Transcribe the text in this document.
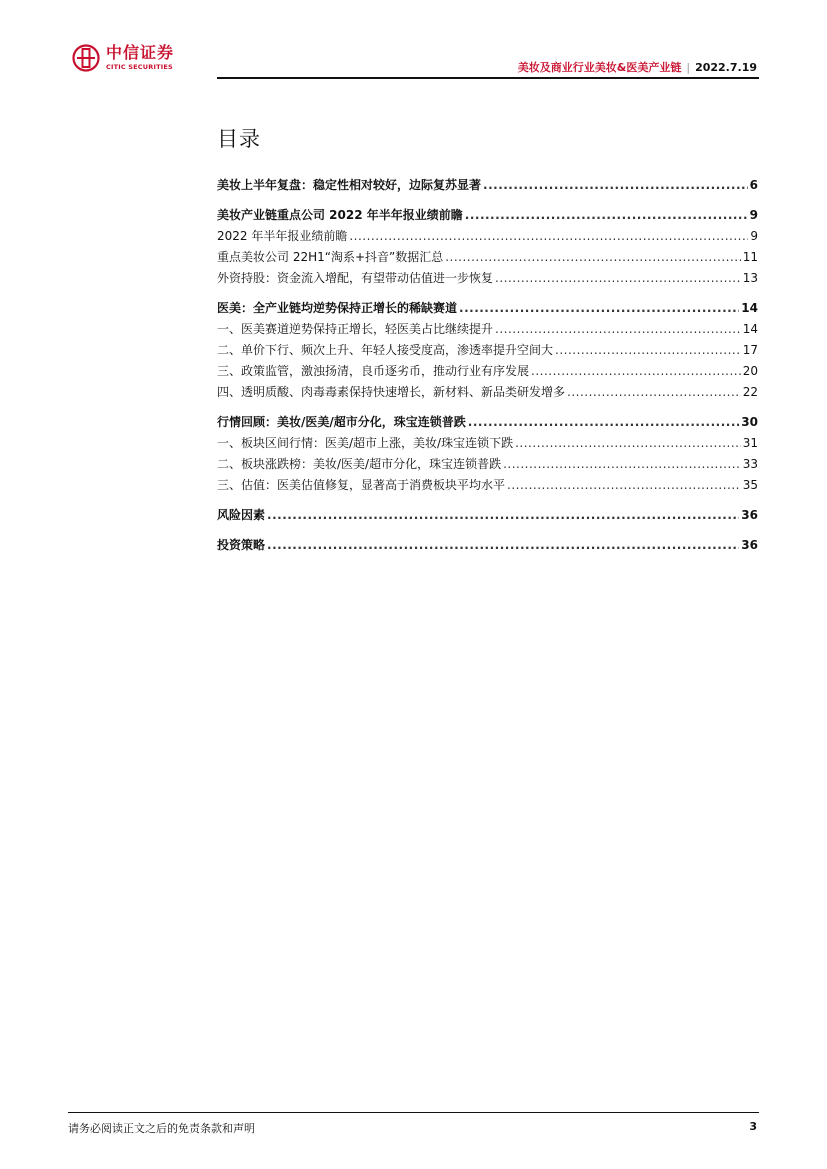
中信证券
CITIC SECURITIES	美妆及商业行业美妆&医美产业链 | 2022.7.19
目录
美妆上半年复盘：稳定性相对较好，边际复苏显著 .....	6
美妆产业链重点公司 2022 年半年报业绩前瞻 .....	9
2022 年半年报业绩前瞻 .....	9
重点美妆公司 22H1“淘系+抖音”数据汇总 .....	11
外资持股：资金流入增配，有望带动估值进一步恢复 .....	13
医美：全产业链均逆势保持正增长的稀缺赛道 .....	14
一、医美赛道逆势保持正增长，轻医美占比继续提升 .....	14
二、单价下行、频次上升、年轻人接受度高，渗透率提升空间大 .....	17
三、政策监管，激浊扬清，良币逐劣币，推动行业有序发展 .....	20
四、透明质酸、肉毒毒素保持快速增长，新材料、新品类研发增多 .....	22
行情回顾：美妆/医美/超市分化，珠宝连锁普跌 .....	30
一、板块区间行情：医美/超市上涨，美妆/珠宝连锁下跌 .....	31
二、板块涨跌榜：美妆/医美/超市分化，珠宝连锁普跌 .....	33
三、估值：医美估值修复，显著高于消费板块平均水平 .....	35
风险因素 .....	36
投资策略 .....	36
请务必阅读正文之后的免责条款和声明	3
